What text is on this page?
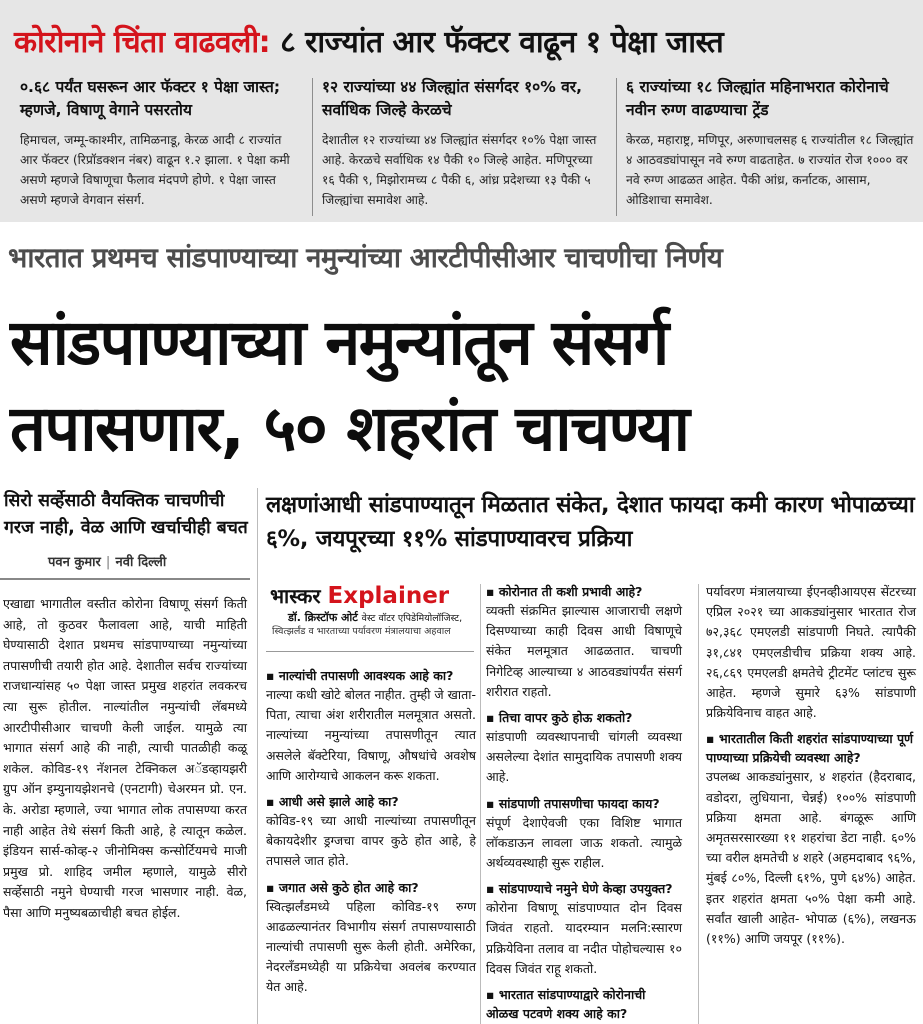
कोरोनाने चिंता वाढवली: ८ राज्यांत आर फॅक्टर वाढून १ पेक्षा जास्त
०.६८ पर्यंत घसरून आर फॅक्टर १ पेक्षा जास्त; म्हणजे, विषाणू वेगाने पसरतोय

हिमाचल, जम्मू-काश्मीर, तामिळनाडू, केरळ आदी ८ राज्यांत आर फॅक्टर (रिप्रॉडक्शन नंबर) वाढून १.२ झाला. १ पेक्षा कमी असणे म्हणजे विषाणूचा फैलाव मंदपणे होणे. १ पेक्षा जास्त असणे म्हणजे वेगवान संसर्ग.

१२ राज्यांच्या ४४ जिल्ह्यांत संसर्गदर १०% वर, सर्वाधिक जिल्हे केरळचे

देशातील १२ राज्यांच्या ४४ जिल्ह्यांत संसर्गदर १०% पेक्षा जास्त आहे. केरळचे सर्वाधिक १४ पैकी १० जिल्हे आहेत. मणिपूरच्या १६ पैकी ९, मिझोरामच्य ८ पैकी ६, आंध्र प्रदेशच्या १३ पैकी ५ जिल्ह्यांचा समावेश आहे.

६ राज्यांच्या १८ जिल्ह्यांत महिनाभरात कोरोनाचे नवीन रुग्ण वाढण्याचा ट्रेंड

केरळ, महाराष्ट्र, मणिपूर, अरुणाचलसह ६ राज्यांतील १८ जिल्ह्यांत ४ आठवड्यांपासून नवे रुग्ण वाढताहेत. ७ राज्यांत रोज १००० वर नवे रुग्ण आढळत आहेत. पैकी आंध्र, कर्नाटक, आसाम, ओडिशाचा समावेश.

भारतात प्रथमच सांडपाण्याच्या नमुन्यांच्या आरटीपीसीआर चाचणीचा निर्णय
सांडपाण्याच्या नमुन्यांतून संसर्ग तपासणार, ५० शहरांत चाचण्या
सिरो सर्व्हेसाठी वैयक्तिक चाचणीची गरज नाही, वेळ आणि खर्चाचीही बचत
पवन कुमार | नवी दिल्ली
एखाद्या भागातील वस्तीत कोरोना विषाणू संसर्ग किती आहे, तो कुठवर फैलावला आहे, याची माहिती घेण्यासाठी देशात प्रथमच सांडपाण्याच्या नमुन्यांच्या तपासणीची तयारी होत आहे. देशातील सर्वच राज्यांच्या राजधान्यांसह ५० पेक्षा जास्त प्रमुख शहरांत लवकरच त्या सुरू होतील. नाल्यांतील नमुन्यांची लॅबमध्ये आरटीपीसीआर चाचणी केली जाईल. यामुळे त्या भागात संसर्ग आहे की नाही, त्याची पातळीही कळू शकेल. कोविड-१९ नॅशनल टेक्निकल अॅडव्हायझरी ग्रुप ऑन इम्युनायझेशनचे (एनटागी) चेअरमन प्रो. एन. के. अरोडा म्हणाले, ज्या भागात लोक तपासण्या करत नाही आहेत तेथे संसर्ग किती आहे, हे त्यातून कळेल. इंडियन सार्स-कोव्ह-२ जीनोमिक्स कन्सोर्टियमचे माजी प्रमुख प्रो. शाहिद जमील म्हणाले, यामुळे सीरो सर्व्हेसाठी नमुने घेण्याची गरज भासणार नाही. वेळ, पैसा आणि मनुष्यबळाचीही बचत होईल.
लक्षणांआधी सांडपाण्यातून मिळतात संकेत, देशात फायदा कमी कारण भोपाळच्या ६%, जयपूरच्या ११% सांडपाण्यावरच प्रक्रिया
भास्कर Explainer
डॉ. क्रिस्टॉफ ओर्ट वेस्ट वॉटर एपिडेमियोलॉजिस्ट,
स्वित्झर्लंड व भारताच्या पर्यावरण मंत्रालयाचा अहवाल
▪ नाल्यांची तपासणी आवश्यक आहे का?
नाल्या कधी खोटे बोलत नाहीत. तुम्ही जे खाता-पिता, त्याचा अंश शरीरातील मलमूत्रात असतो. नाल्यांच्या नमुन्यांच्या तपासणीतून त्यात असलेले बॅक्टेरिया, विषाणू, औषधांचे अवशेष आणि आरोग्याचे आकलन करू शकता.
▪ आधी असे झाले आहे का?
कोविड-१९ च्या आधी नाल्यांच्या तपासणीतून बेकायदेशीर ड्रग्जचा वापर कुठे होत आहे, हे तपासले जात होते.
▪ जगात असे कुठे होत आहे का?
स्वित्झर्लंडमध्ये पहिला कोविड-१९ रुग्ण आढळल्यानंतर विभागीय संसर्ग तपासण्यासाठी नाल्यांची तपासणी सुरू केली होती. अमेरिका, नेदरलँडमध्येही या प्रक्रियेचा अवलंब करण्यात येत आहे.
▪ कोरोनात ती कशी प्रभावी आहे?
व्यक्ती संक्रमित झाल्यास आजाराची लक्षणे दिसण्याच्या काही दिवस आधी विषाणूचे संकेत मलमूत्रात आढळतात. चाचणी निगेटिव्ह आल्याच्या ४ आठवड्यांपर्यंत संसर्ग शरीरात राहतो.
▪ तिचा वापर कुठे होऊ शकतो?
सांडपाणी व्यवस्थापनाची चांगली व्यवस्था असलेल्या देशांत सामुदायिक तपासणी शक्य आहे.
▪ सांडपाणी तपासणीचा फायदा काय?
संपूर्ण देशाऐवजी एका विशिष्ट भागात लॉकडाऊन लावला जाऊ शकतो. त्यामुळे अर्थव्यवस्थाही सुरू राहील.
▪ सांडपाण्याचे नमुने घेणे केव्हा उपयुक्त?
कोरोना विषाणू सांडपाण्यात दोन दिवस जिवंत राहतो. यादरम्यान मलनि:स्सारण प्रक्रियेविना तलाव वा नदीत पोहोचल्यास १० दिवस जिवंत राहू शकतो.
▪ भारतात सांडपाण्याद्वारे कोरोनाची ओळख पटवणे शक्य आहे का?
पर्यावरण मंत्रालयाच्या ईएनव्हीआयएस सेंटरच्या एप्रिल २०२१ च्या आकड्यांनुसार भारतात रोज ७२,३६८ एमएलडी सांडपाणी निघते. त्यापैकी ३१,८४१ एमएलडीचीच प्रक्रिया शक्य आहे. २६,८६९ एमएलडी क्षमतेचे ट्रीटमेंट प्लांटच सुरू आहेत. म्हणजे सुमारे ६३% सांडपाणी प्रक्रियेविनाच वाहत आहे.
▪ भारतातील किती शहरांत सांडपाण्याच्या पूर्ण पाण्याच्या प्रक्रियेची व्यवस्था आहे?
उपलब्ध आकड्यांनुसार, ४ शहरांत (हैदराबाद, वडोदरा, लुधियाना, चेन्नई) १००% सांडपाणी प्रक्रिया क्षमता आहे. बंगळूरू आणि अमृतसरसारख्या ११ शहरांचा डेटा नाही. ६०% च्या वरील क्षमतेची ४ शहरे (अहमदाबाद ९६%, मुंबई ८०%, दिल्ली ६१%, पुणे ६४%) आहेत. इतर शहरांत क्षमता ५०% पेक्षा कमी आहे. सर्वांत खाली आहेत- भोपाळ (६%), लखनऊ (११%) आणि जयपूर (११%).
